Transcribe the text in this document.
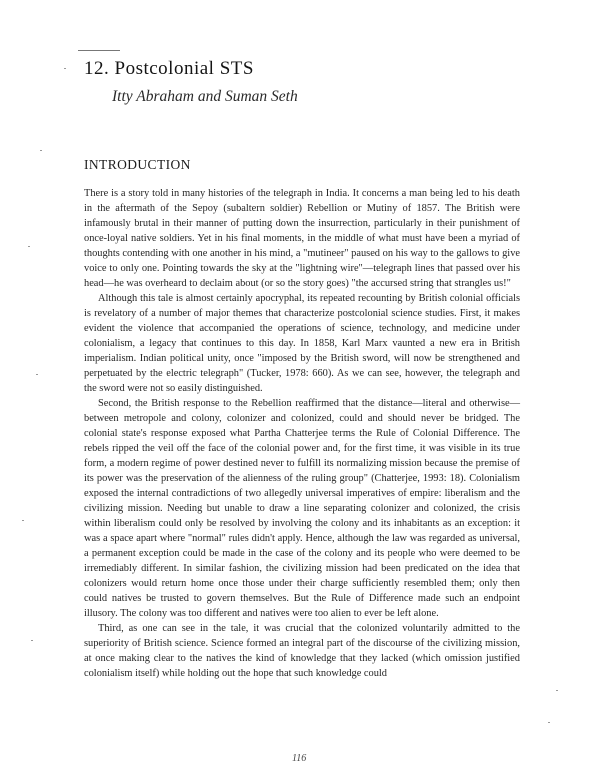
12. Postcolonial STS
Itty Abraham and Suman Seth
INTRODUCTION

There is a story told in many histories of the telegraph in India. It concerns a man being led to his death in the aftermath of the Sepoy (subaltern soldier) Rebellion or Mutiny of 1857. The British were infamously brutal in their manner of putting down the insurrection, particularly in their punishment of once-loyal native soldiers. Yet in his final moments, in the middle of what must have been a myriad of thoughts contending with one another in his mind, a "mutineer" paused on his way to the gallows to give voice to only one. Pointing towards the sky at the "lightning wire"—telegraph lines that passed over his head—he was overheard to declaim about (or so the story goes) "the accursed string that strangles us!"

Although this tale is almost certainly apocryphal, its repeated recounting by British colonial officials is revelatory of a number of major themes that characterize postcolonial science studies. First, it makes evident the violence that accompanied the operations of science, technology, and medicine under colonialism, a legacy that continues to this day. In 1858, Karl Marx vaunted a new era in British imperialism. Indian political unity, once "imposed by the British sword, will now be strengthened and perpetuated by the electric telegraph" (Tucker, 1978: 660). As we can see, however, the telegraph and the sword were not so easily distinguished.

Second, the British response to the Rebellion reaffirmed that the distance—literal and otherwise—between metropole and colony, colonizer and colonized, could and should never be bridged. The colonial state's response exposed what Partha Chatterjee terms the Rule of Colonial Difference. The rebels ripped the veil off the face of the colonial power and, for the first time, it was visible in its true form, a modern regime of power destined never to fulfill its normalizing mission because the premise of its power was the preservation of the alienness of the ruling group" (Chatterjee, 1993: 18). Colonialism exposed the internal contradictions of two allegedly universal imperatives of empire: liberalism and the civilizing mission. Needing but unable to draw a line separating colonizer and colonized, the crisis within liberalism could only be resolved by involving the colony and its inhabitants as an exception: it was a space apart where "normal" rules didn't apply. Hence, although the law was regarded as universal, a permanent exception could be made in the case of the colony and its people who were deemed to be irremediably different. In similar fashion, the civilizing mission had been predicated on the idea that colonizers would return home once those under their charge sufficiently resembled them; only then could natives be trusted to govern themselves. But the Rule of Difference made such an endpoint illusory. The colony was too different and natives were too alien to ever be left alone.

Third, as one can see in the tale, it was crucial that the colonized voluntarily admitted to the superiority of British science. Science formed an integral part of the discourse of the civilizing mission, at once making clear to the natives the kind of knowledge that they lacked (which omission justified colonialism itself) while holding out the hope that such knowledge could

116
